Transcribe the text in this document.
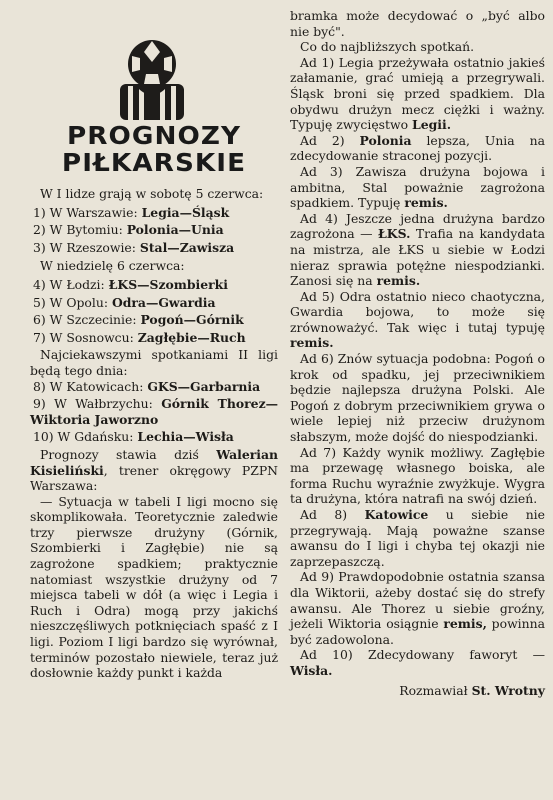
PROGNOZY
PIŁKARSKIE

W I lidze grają w sobotę 5 czerwca:

1) W Warszawie: Legia—Śląsk

2) W Bytomiu: Polonia—Unia

3) W Rzeszowie: Stal—Zawisza

W niedzielę 6 czerwca:

4) W Łodzi: ŁKS—Szombierki

5) W Opolu: Odra—Gwardia

6) W Szczecinie: Pogoń—Górnik

7) W Sosnowcu: Zagłębie—Ruch

Najciekawszymi spotkaniami II ligi będą tego dnia:

8) W Katowicach: GKS—Garbarnia

9) W Wałbrzychu: Górnik Thorez—Wiktoria Jaworzno

10) W Gdańsku: Lechia—Wisła

Prognozy stawia dziś Walerian Kisieliński, trener okręgowy PZPN Warszawa:

— Sytuacja w tabeli I ligi mocno się skomplikowała. Teoretycznie zaledwie trzy pierwsze drużyny (Górnik, Szombierki i Zagłębie) nie są zagrożone spadkiem; praktycznie natomiast wszystkie drużyny od 7 miejsca tabeli w dół (a więc i Legia i Ruch i Odra) mogą przy jakichś nieszczęśliwych potknięciach spaść z I ligi. Poziom I ligi bardzo się wyrównał, terminów pozostało niewiele, teraz już dosłownie każdy punkt i każda

bramka może decydować o „być albo nie być".

Co do najbliższych spotkań.

Ad 1) Legia przeżywała ostatnio jakieś załamanie, grać umieją a przegrywali. Śląsk broni się przed spadkiem. Dla obydwu drużyn mecz ciężki i ważny. Typuję zwycięstwo Legii.

Ad 2) Polonia lepsza, Unia na zdecydowanie straconej pozycji.

Ad 3) Zawisza drużyna bojowa i ambitna, Stal poważnie zagrożona spadkiem. Typuję remis.

Ad 4) Jeszcze jedna drużyna bardzo zagrożona — ŁKS. Trafia na kandydata na mistrza, ale ŁKS u siebie w Łodzi nieraz sprawia potężne niespodzianki. Zanosi się na remis.

Ad 5) Odra ostatnio nieco chaotyczna, Gwardia bojowa, to może się zrównoważyć. Tak więc i tutaj typuję remis.

Ad 6) Znów sytuacja podobna: Pogoń o krok od spadku, jej przeciwnikiem będzie najlepsza drużyna Polski. Ale Pogoń z dobrym przeciwnikiem grywa o wiele lepiej niż przeciw drużynom słabszym, może dojść do niespodzianki.

Ad 7) Każdy wynik możliwy. Zagłębie ma przewagę własnego boiska, ale forma Ruchu wyraźnie zwyżkuje. Wygra ta drużyna, która natrafi na swój dzień.

Ad 8) Katowice u siebie nie przegrywają. Mają poważne szanse awansu do I ligi i chyba tej okazji nie zaprzepaszczą.

Ad 9) Prawdopodobnie ostatnia szansa dla Wiktorii, ażeby dostać się do strefy awansu. Ale Thorez u siebie groźny, jeżeli Wiktoria osiągnie remis, powinna być zadowolona.

Ad 10) Zdecydowany faworyt — Wisła.

Rozmawiał St. Wrotny
